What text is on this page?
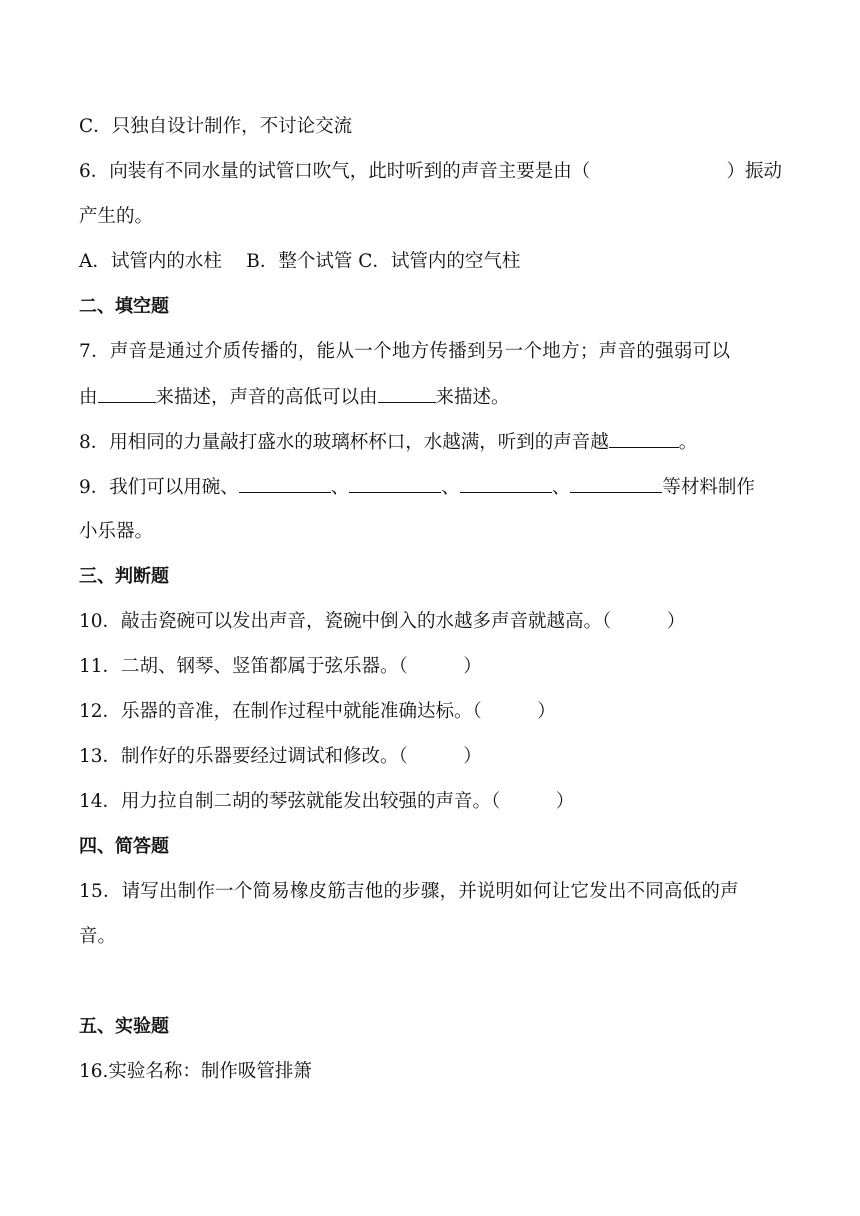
C．只独自设计制作，不讨论交流
6．向装有不同水量的试管口吹气，此时听到的声音主要是由（	）振动
产生的。
A．试管内的水柱　 B．整个试管 C．试管内的空气柱
二、填空题
7．声音是通过介质传播的，能从一个地方传播到另一个地方；声音的强弱可以
由	来描述，声音的高低可以由	来描述。
8．用相同的力量敲打盛水的玻璃杯杯口，水越满，听到的声音越	。
9．我们可以用碗、	、	、	、	等材料制作
小乐器。
三、判断题
10．敲击瓷碗可以发出声音，瓷碗中倒入的水越多声音就越高。（　　　）
11．二胡、钢琴、竖笛都属于弦乐器。（　　　）
12．乐器的音准，在制作过程中就能准确达标。（　　　）
13．制作好的乐器要经过调试和修改。（　　　）
14．用力拉自制二胡的琴弦就能发出较强的声音。（　　　）
四、简答题
15．请写出制作一个简易橡皮筋吉他的步骤，并说明如何让它发出不同高低的声
音。
五、实验题
16.实验名称：制作吸管排箫
